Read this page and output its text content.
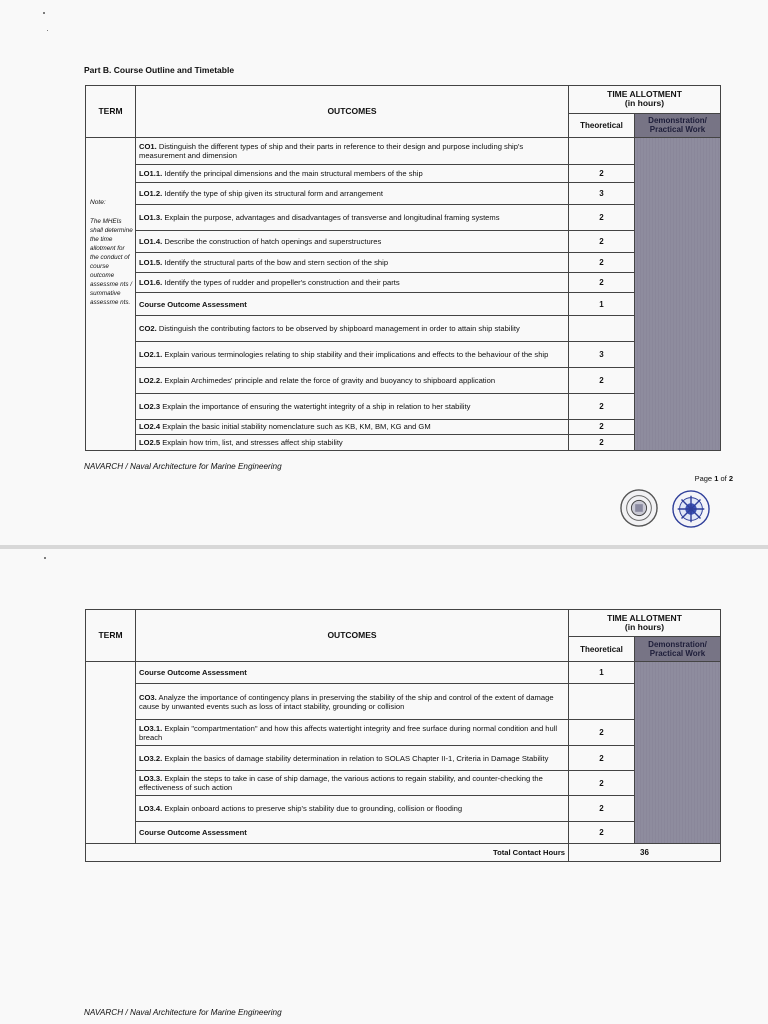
Part B. Course Outline and Timetable
TERM	OUTCOMES	TIME ALLOTMENT
(in hours)	
		Theoretical	Demonstration/ Practical Work

Note:
The MHEIs shall determine the time allotment for the conduct of course outcome assessme nts / summative assessme nts.	CO1. Distinguish the different types of ship and their parts in reference to their design and purpose including ship's measurement and dimension		
	LO1.1. Identify the principal dimensions and the main structural members of the ship	2	
	LO1.2. Identify the type of ship given its structural form and arrangement	3	
	LO1.3. Explain the purpose, advantages and disadvantages of transverse and longitudinal framing systems	2	
	LO1.4. Describe the construction of hatch openings and superstructures	2	
	LO1.5. Identify the structural parts of the bow and stern section of the ship	2	
	LO1.6. Identify the types of rudder and propeller's construction and their parts	2	
	Course Outcome Assessment	1	
	CO2. Distinguish the contributing factors to be observed by shipboard management in order to attain ship stability		
	LO2.1. Explain various terminologies relating to ship stability and their implications and effects to the behaviour of the ship	3	
	LO2.2. Explain Archimedes' principle and relate the force of gravity and buoyancy to shipboard application	2	
	LO2.3 Explain the importance of ensuring the watertight integrity of a ship in relation to her stability	2	
	LO2.4 Explain the basic initial stability nomenclature such as KB, KM, BM, KG and GM	2	
	LO2.5 Explain how trim, list, and stresses affect ship stability	2	
NAVARCH / Naval Architecture for Marine Engineering
Page 1 of 2
TERM	OUTCOMES	TIME ALLOTMENT
(in hours)	
		Theoretical	Demonstration/ Practical Work
	Course Outcome Assessment	1	
	CO3. Analyze the importance of contingency plans in preserving the stability of the ship and control of the extent of damage cause by unwanted events such as loss of intact stability, grounding or collision		
	LO3.1. Explain "compartmentation" and how this affects watertight integrity and free surface during normal condition and hull breach	2	
	LO3.2. Explain the basics of damage stability determination in relation to SOLAS Chapter II-1, Criteria in Damage Stability	2	
	LO3.3. Explain the steps to take in case of ship damage, the various actions to regain stability, and counter-checking the effectiveness of such action	2	
	LO3.4. Explain onboard actions to preserve ship's stability due to grounding, collision or flooding	2	
	Course Outcome Assessment	2	
Total Contact Hours		36	
NAVARCH / Naval Architecture for Marine Engineering
